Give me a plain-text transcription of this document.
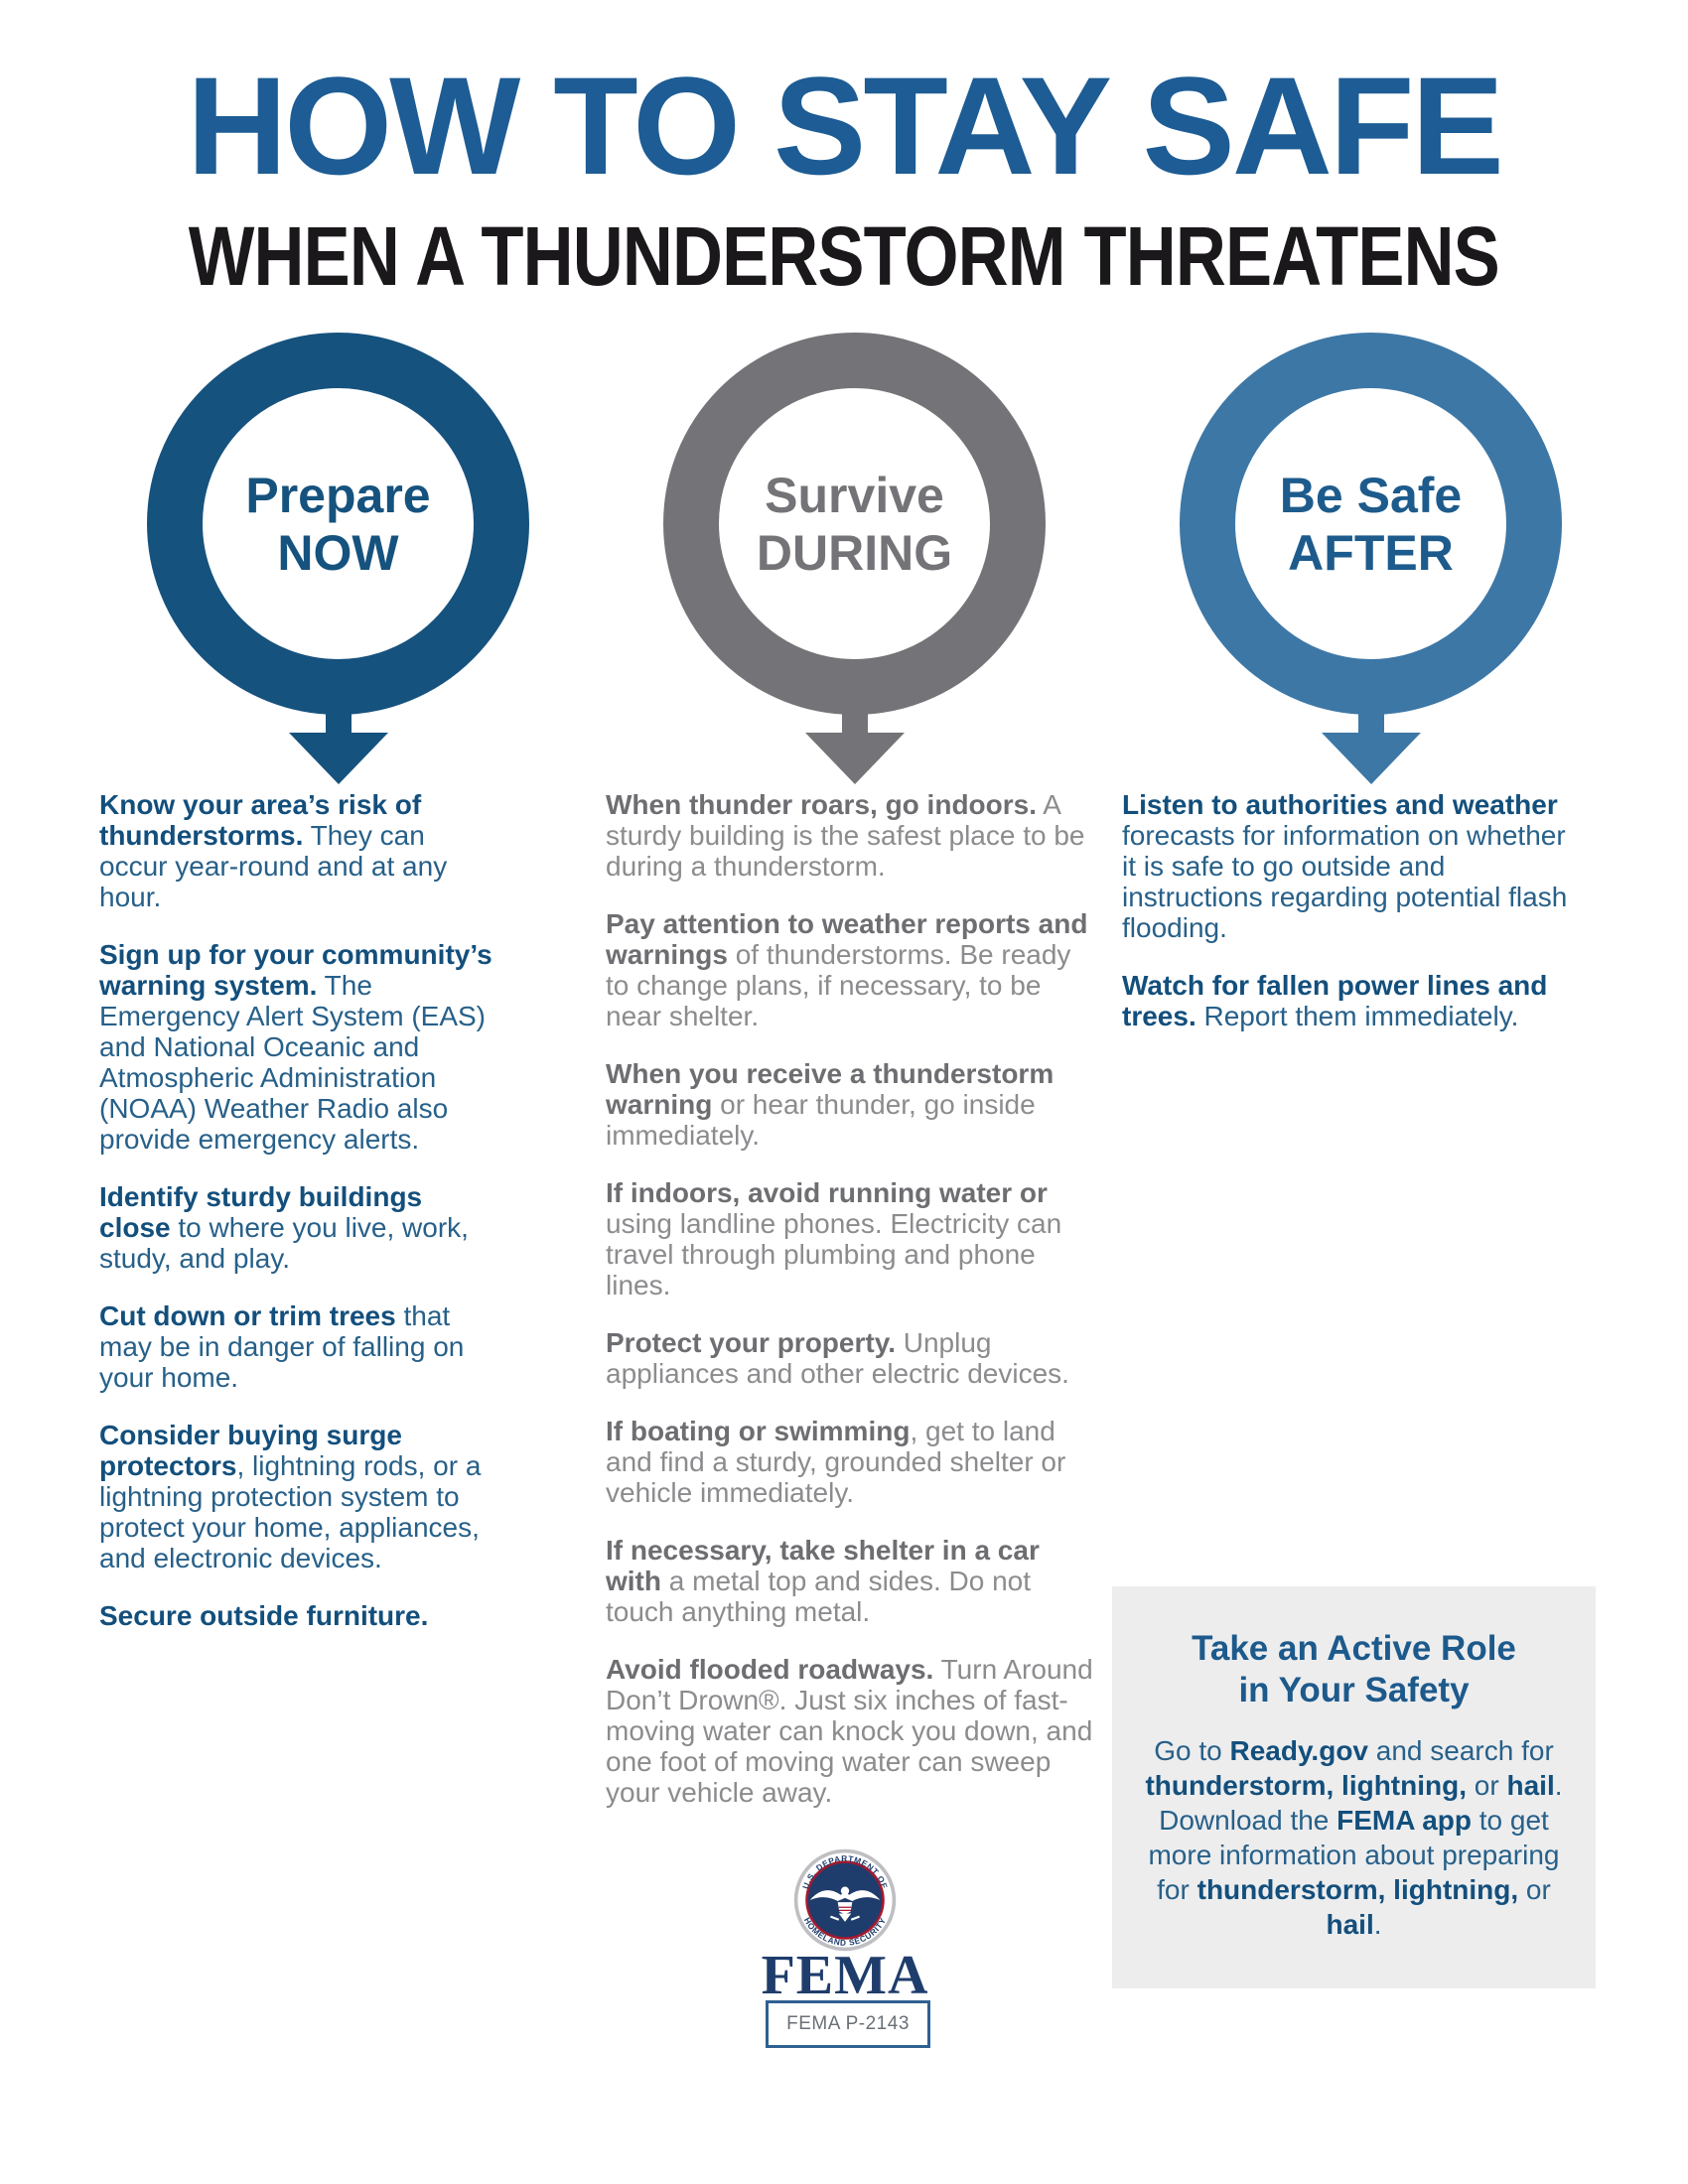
HOW TO STAY SAFE
WHEN A THUNDERSTORM THREATENS
Prepare
NOW
Survive
DURING
Be Safe
AFTER

Know your area’s risk of thunderstorms. They can occur year-round and at any hour.

Sign up for your community’s warning system. The Emergency Alert System (EAS) and National Oceanic and Atmospheric Administration (NOAA) Weather Radio also provide emergency alerts.

Identify sturdy buildings close to where you live, work, study, and play.

Cut down or trim trees that may be in danger of falling on your home.

Consider buying surge protectors, lightning rods, or a lightning protection system to protect your home, appliances, and electronic devices.

Secure outside furniture.

When thunder roars, go indoors. A sturdy building is the safest place to be during a thunderstorm.

Pay attention to weather reports and warnings of thunderstorms. Be ready to change plans, if necessary, to be near shelter.

When you receive a thunderstorm warning or hear thunder, go inside immediately.

If indoors, avoid running water or using landline phones. Electricity can travel through plumbing and phone lines.

Protect your property. Unplug appliances and other electric devices.

If boating or swimming, get to land and find a sturdy, grounded shelter or vehicle immediately.

If necessary, take shelter in a car with a metal top and sides. Do not touch anything metal.

Avoid flooded roadways. Turn Around Don’t Drown®. Just six inches of fast-moving water can knock you down, and one foot of moving water can sweep your vehicle away.

Listen to authorities and weather forecasts for information on whether it is safe to go outside and instructions regarding potential flash flooding.

Watch for fallen power lines and trees. Report them immediately.

Take an Active Role
in Your Safety

Go to Ready.gov and search for thunderstorm, lightning, or hail. Download the FEMA app to get more information about preparing for thunderstorm, lightning, or hail.

U.S. DEPARTMENT OF
HOMELAND SECURITY
FEMA
FEMA P-2143
